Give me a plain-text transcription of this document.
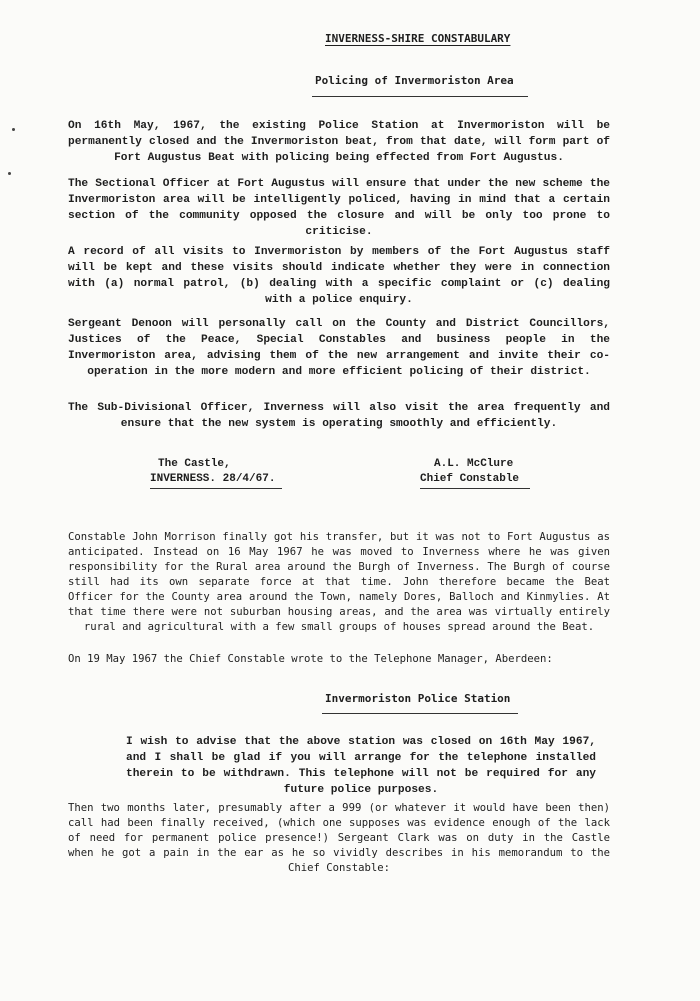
INVERNESS-SHIRE CONSTABULARY
Policing of Invermoriston Area
On 16th May, 1967, the existing Police Station at Invermoriston will be permanently closed and the Invermoriston beat, from that date, will form part of Fort Augustus Beat with policing being effected from Fort Augustus.
The Sectional Officer at Fort Augustus will ensure that under the new scheme the Invermoriston area will be intelligently policed, having in mind that a certain section of the community opposed the closure and will be only too prone to criticise.
A record of all visits to Invermoriston by members of the Fort Augustus staff will be kept and these visits should indicate whether they were in connection with (a) normal patrol, (b) dealing with a specific complaint or (c) dealing with a police enquiry.
Sergeant Denoon will personally call on the County and District Councillors, Justices of the Peace, Special Constables and business people in the Invermoriston area, advising them of the new arrangement and invite their co-operation in the more modern and more efficient policing of their district.
The Sub-Divisional Officer, Inverness will also visit the area frequently and ensure that the new system is operating smoothly and efficiently.
The Castle,
INVERNESS. 28/4/67.
A.L. McClure
Chief Constable
Constable John Morrison finally got his transfer, but it was not to Fort Augustus as anticipated. Instead on 16 May 1967 he was moved to Inverness where he was given responsibility for the Rural area around the Burgh of Inverness. The Burgh of course still had its own separate force at that time. John therefore became the Beat Officer for the County area around the Town, namely Dores, Balloch and Kinmylies. At that time there were not suburban housing areas, and the area was virtually entirely rural and agricultural with a few small groups of houses spread around the Beat.
On 19 May 1967 the Chief Constable wrote to the Telephone Manager, Aberdeen:
Invermoriston Police Station
I wish to advise that the above station was closed on 16th May 1967, and I shall be glad if you will arrange for the telephone installed therein to be withdrawn. This telephone will not be required for any future police purposes.
Then two months later, presumably after a 999 (or whatever it would have been then) call had been finally received, (which one supposes was evidence enough of the lack of need for permanent police presence!) Sergeant Clark was on duty in the Castle when he got a pain in the ear as he so vividly describes in his memorandum to the Chief Constable:
